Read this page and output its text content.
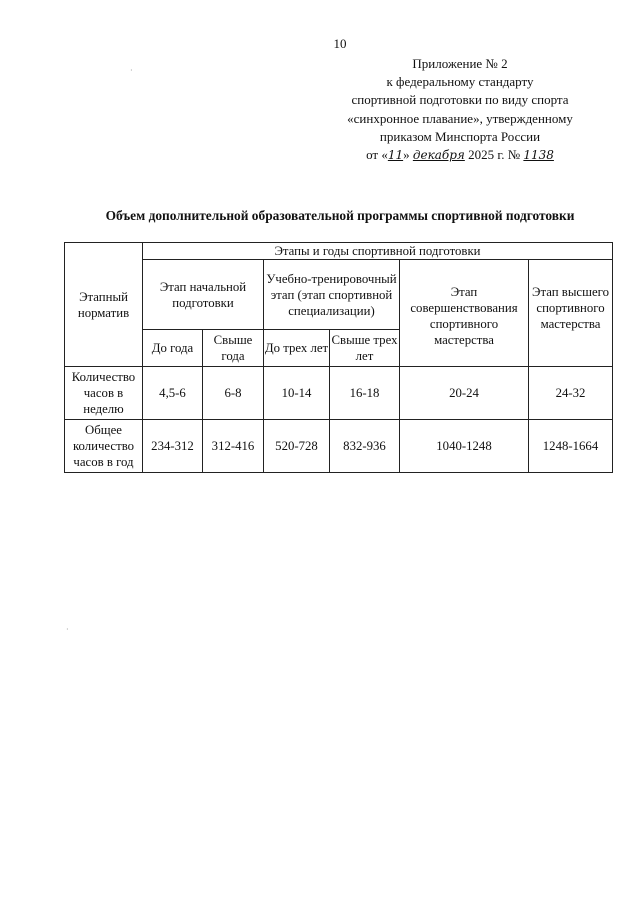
10
Приложение № 2
к федеральному стандарту
спортивной подготовки по виду спорта
«синхронное плавание», утвержденному
приказом Минспорта России
от «11» декабря 2025 г. № 1138
Объем дополнительной образовательной программы спортивной подготовки
Этапный норматив	Этапы и годы спортивной подготовки					
	Этап начальной подготовки		Учебно-тренировочный этап (этап спортивной специализации)		Этап совершенствования спортивного мастерства	Этап высшего спортивного мастерства
	До года	Свыше года	До трех лет	Свыше трех лет		
Количество часов в неделю	4,5-6	6-8	10-14	16-18	20-24	24-32
Общее количество часов в год	234-312	312-416	520-728	832-936	1040-1248	1248-1664
·
·
